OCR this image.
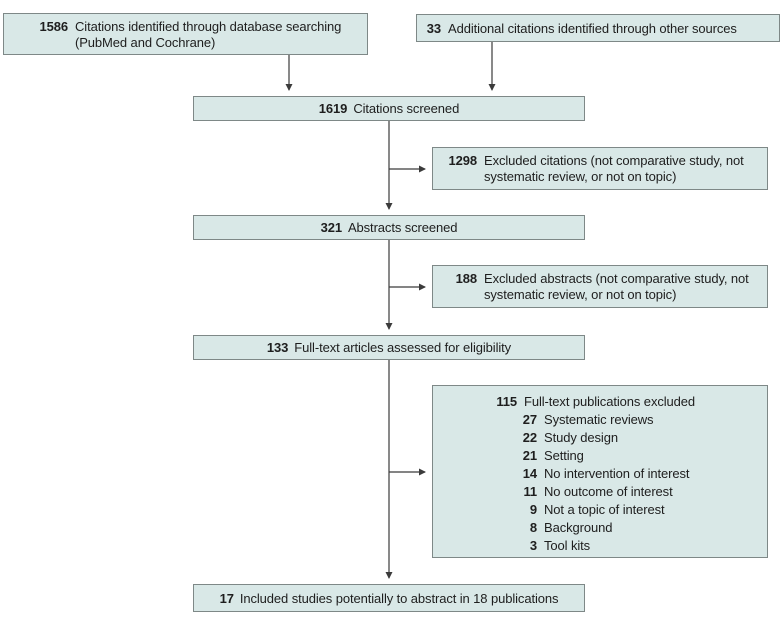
1586 Citations identified through database searching
(PubMed and Cochrane)
33 Additional citations identified through other sources
1619 Citations screened
1298 Excluded citations (not comparative study, not
systematic review, or not on topic)
321 Abstracts screened
188 Excluded abstracts (not comparative study, not
systematic review, or not on topic)
133 Full-text articles assessed for eligibility
115 Full-text publications excluded
27 Systematic reviews
22 Study design
21 Setting
14 No intervention of interest
11 No outcome of interest
9 Not a topic of interest
8 Background
3 Tool kits
17 Included studies potentially to abstract in 18 publications
